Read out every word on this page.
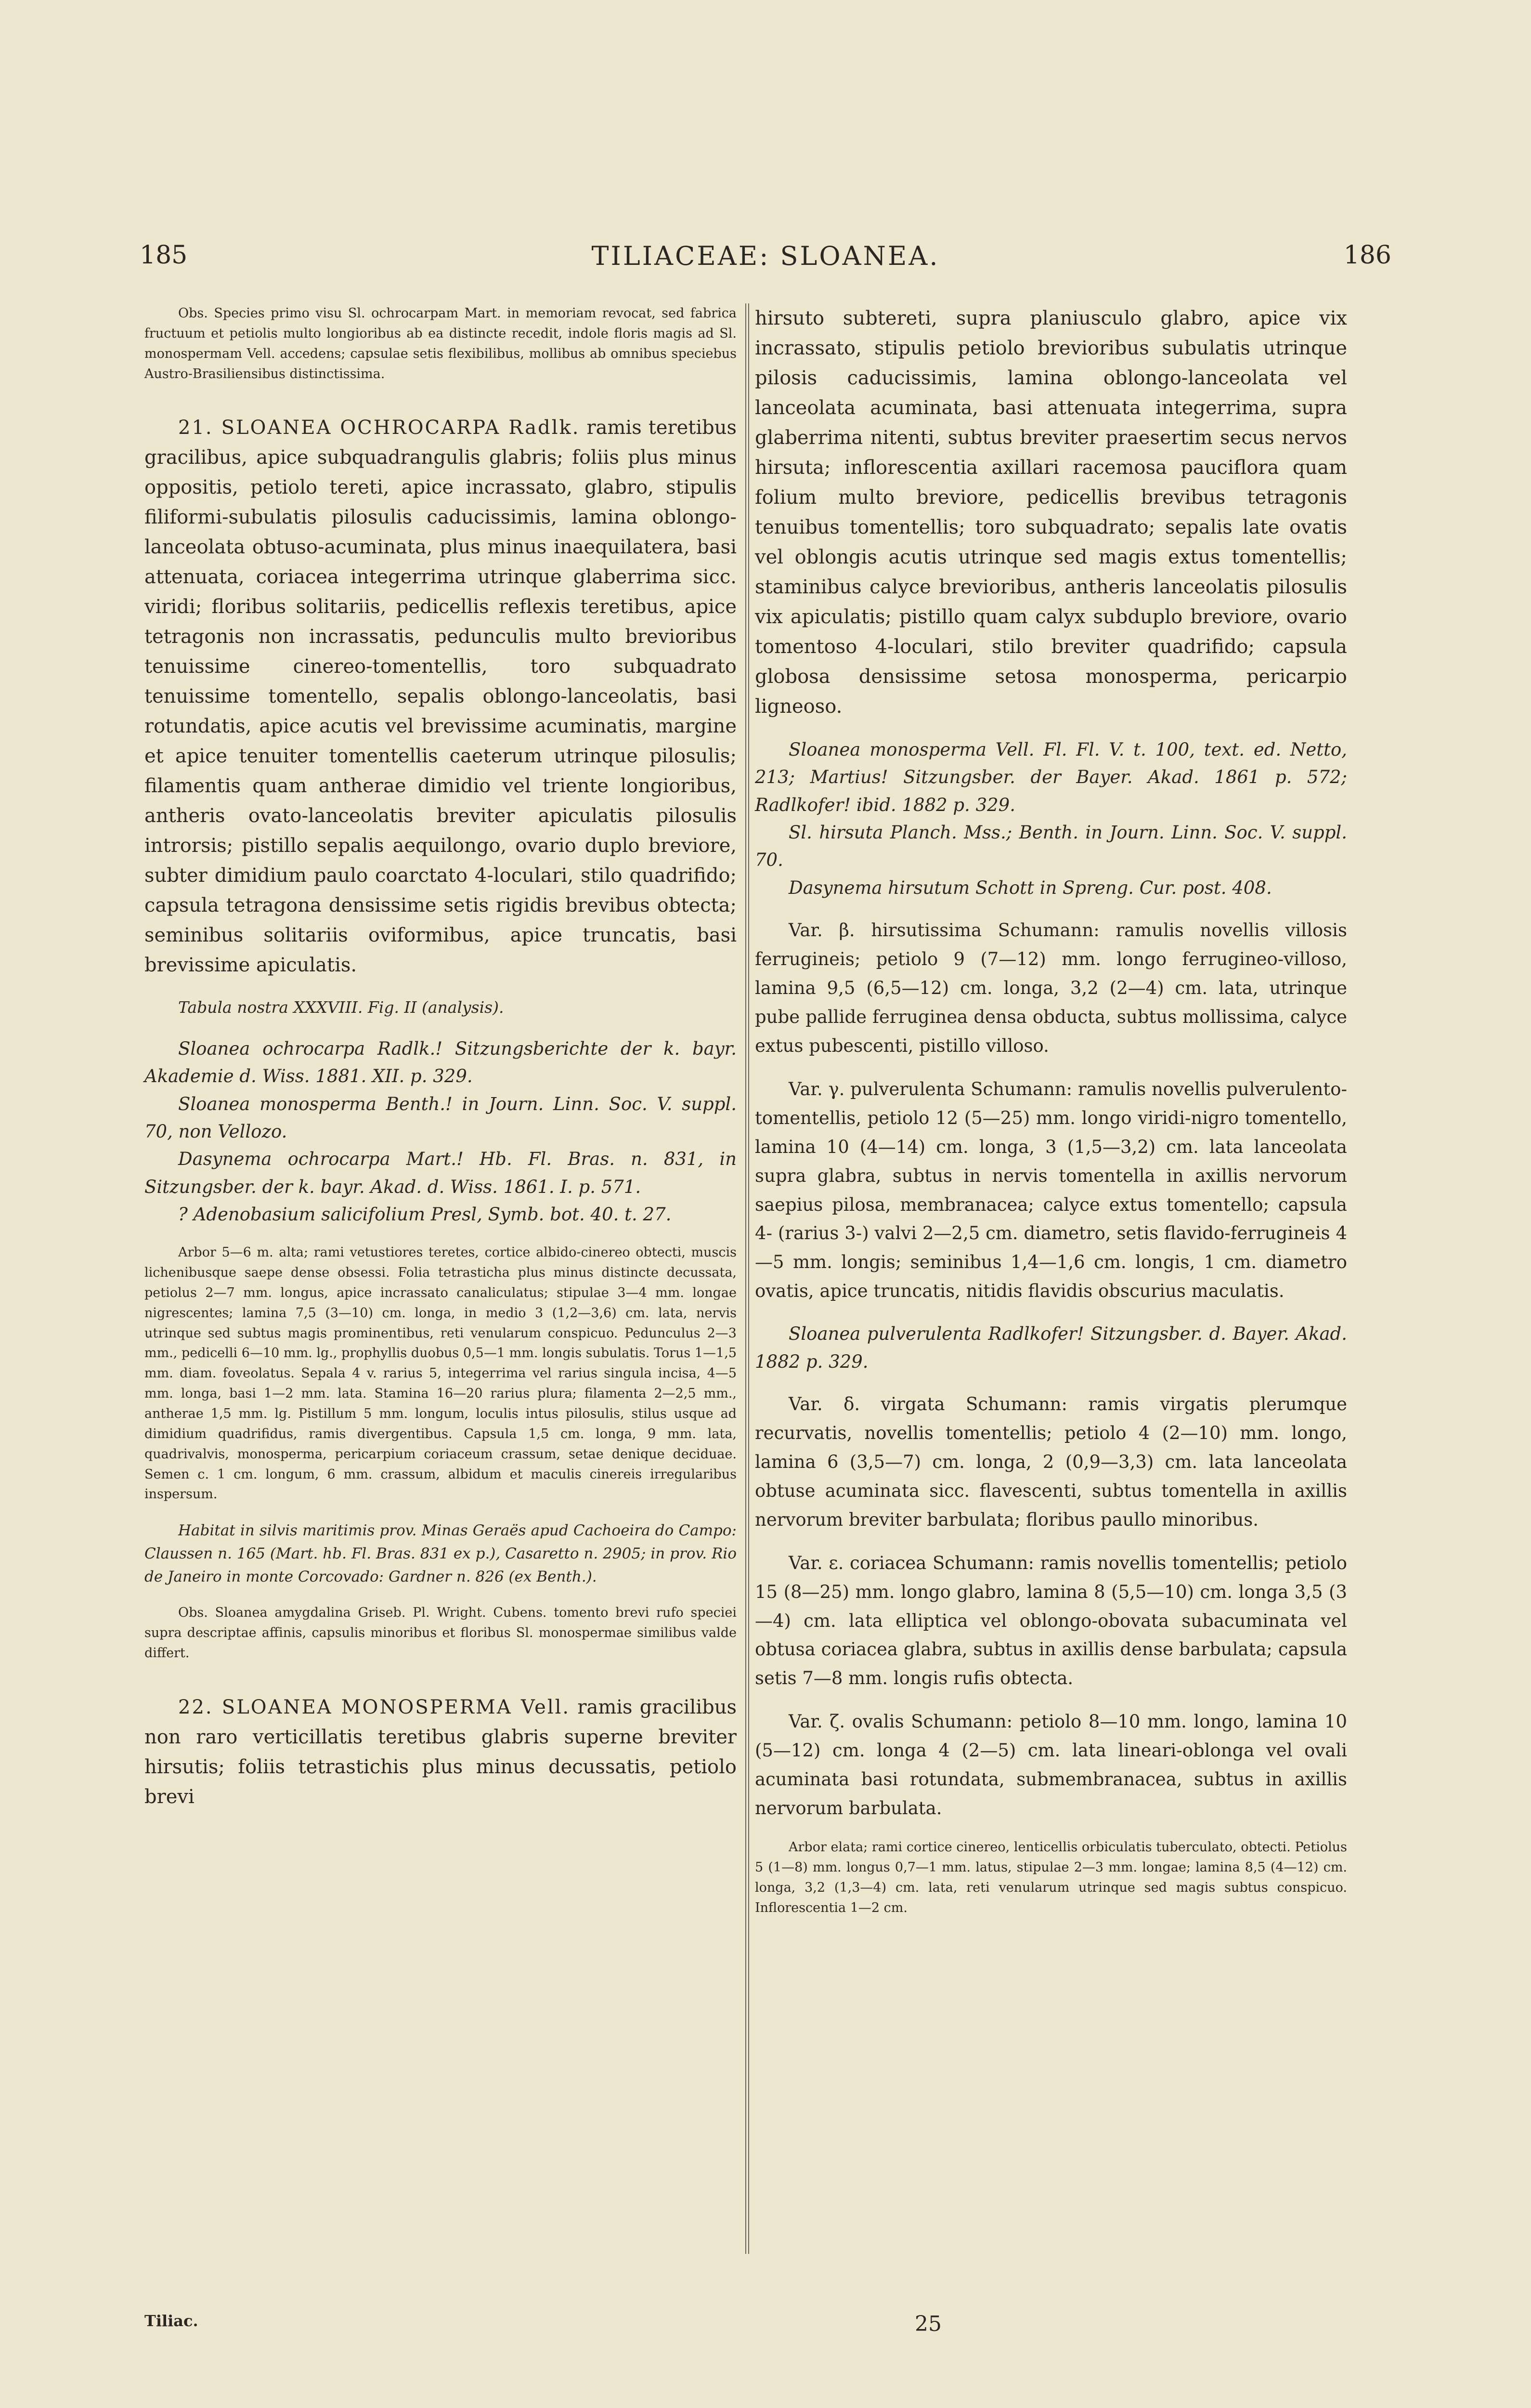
185	TILIACEAE: SLOANEA.	186

Obs. Species primo visu Sl. ochrocarpam Mart. in memoriam revocat, sed fabrica fructuum et petiolis multo longioribus ab ea distincte recedit, indole floris magis ad Sl. monospermam Vell. accedens; capsulae setis flexibilibus, mollibus ab omnibus speciebus Austro-Brasiliensibus distinctissima.

21. SLOANEA OCHROCARPA Radlk. ramis teretibus gracilibus, apice subquadrangulis glabris; foliis plus minus oppositis, petiolo tereti, apice incrassato, glabro, stipulis filiformi-subulatis pilosulis caducissimis, lamina oblongo-lanceolata obtuso-acuminata, plus minus inaequilatera, basi attenuata, coriacea integerrima utrinque glaberrima sicc. viridi; floribus solitariis, pedicellis reflexis teretibus, apice tetragonis non incrassatis, pedunculis multo brevioribus tenuissime cinereo-tomentellis, toro subquadrato tenuissime tomentello, sepalis oblongo-lanceolatis, basi rotundatis, apice acutis vel brevissime acuminatis, margine et apice tenuiter tomentellis caeterum utrinque pilosulis; filamentis quam antherae dimidio vel triente longioribus, antheris ovato-lanceolatis breviter apiculatis pilosulis introrsis; pistillo sepalis aequilongo, ovario duplo breviore, subter dimidium paulo coarctato 4-loculari, stilo quadrifido; capsula tetragona densissime setis rigidis brevibus obtecta; seminibus solitariis oviformibus, apice truncatis, basi brevissime apiculatis.

Tabula nostra XXXVIII. Fig. II (analysis).

Sloanea ochrocarpa Radlk.! Sitzungsberichte der k. bayr. Akademie d. Wiss. 1881. XII. p. 329.

Sloanea monosperma Benth.! in Journ. Linn. Soc. V. suppl. 70, non Vellozo.

Dasynema ochrocarpa Mart.! Hb. Fl. Bras. n. 831, in Sitzungsber. der k. bayr. Akad. d. Wiss. 1861. I. p. 571.

? Adenobasium salicifolium Presl, Symb. bot. 40. t. 27.

Arbor 5—6 m. alta; rami vetustiores teretes, cortice albido-cinereo obtecti, muscis lichenibusque saepe dense obsessi. Folia tetrasticha plus minus distincte decussata, petiolus 2—7 mm. longus, apice incrassato canaliculatus; stipulae 3—4 mm. longae nigrescentes; lamina 7,5 (3—10) cm. longa, in medio 3 (1,2—3,6) cm. lata, nervis utrinque sed subtus magis prominentibus, reti venularum conspicuo. Pedunculus 2—3 mm., pedicelli 6—10 mm. lg., prophyllis duobus 0,5—1 mm. longis subulatis. Torus 1—1,5 mm. diam. foveolatus. Sepala 4 v. rarius 5, integerrima vel rarius singula incisa, 4—5 mm. longa, basi 1—2 mm. lata. Stamina 16—20 rarius plura; filamenta 2—2,5 mm., antherae 1,5 mm. lg. Pistillum 5 mm. longum, loculis intus pilosulis, stilus usque ad dimidium quadrifidus, ramis divergentibus. Capsula 1,5 cm. longa, 9 mm. lata, quadrivalvis, monosperma, pericarpium coriaceum crassum, setae denique deciduae. Semen c. 1 cm. longum, 6 mm. crassum, albidum et maculis cinereis irregularibus inspersum.

Habitat in silvis maritimis prov. Minas Geraës apud Cachoeira do Campo: Claussen n. 165 (Mart. hb. Fl. Bras. 831 ex p.), Casaretto n. 2905; in prov. Rio de Janeiro in monte Corcovado: Gardner n. 826 (ex Benth.).

Obs. Sloanea amygdalina Griseb. Pl. Wright. Cubens. tomento brevi rufo speciei supra descriptae affinis, capsulis minoribus et floribus Sl. monospermae similibus valde differt.

22. SLOANEA MONOSPERMA Vell. ramis gracilibus non raro verticillatis teretibus glabris superne breviter hirsutis; foliis tetrastichis plus minus decussatis, petiolo brevi

hirsuto subtereti, supra planiusculo glabro, apice vix incrassato, stipulis petiolo brevioribus subulatis utrinque pilosis caducissimis, lamina oblongo-lanceolata vel lanceolata acuminata, basi attenuata integerrima, supra glaberrima nitenti, subtus breviter praesertim secus nervos hirsuta; inflorescentia axillari racemosa pauciflora quam folium multo breviore, pedicellis brevibus tetragonis tenuibus tomentellis; toro subquadrato; sepalis late ovatis vel oblongis acutis utrinque sed magis extus tomentellis; staminibus calyce brevioribus, antheris lanceolatis pilosulis vix apiculatis; pistillo quam calyx subduplo breviore, ovario tomentoso 4-loculari, stilo breviter quadrifido; capsula globosa densissime setosa monosperma, pericarpio ligneoso.

Sloanea monosperma Vell. Fl. Fl. V. t. 100, text. ed. Netto, 213; Martius! Sitzungsber. der Bayer. Akad. 1861 p. 572; Radlkofer! ibid. 1882 p. 329.

Sl. hirsuta Planch. Mss.; Benth. in Journ. Linn. Soc. V. suppl. 70.

Dasynema hirsutum Schott in Spreng. Cur. post. 408.

Var. β. hirsutissima Schumann: ramulis novellis villosis ferrugineis; petiolo 9 (7—12) mm. longo ferrugineo-villoso, lamina 9,5 (6,5—12) cm. longa, 3,2 (2—4) cm. lata, utrinque pube pallide ferruginea densa obducta, subtus mollissima, calyce extus pubescenti, pistillo villoso.

Var. γ. pulverulenta Schumann: ramulis novellis pulverulento-tomentellis, petiolo 12 (5—25) mm. longo viridi-nigro tomentello, lamina 10 (4—14) cm. longa, 3 (1,5—3,2) cm. lata lanceolata supra glabra, subtus in nervis tomentella in axillis nervorum saepius pilosa, membranacea; calyce extus tomentello; capsula 4- (rarius 3-) valvi 2—2,5 cm. diametro, setis flavido-ferrugineis 4—5 mm. longis; seminibus 1,4—1,6 cm. longis, 1 cm. diametro ovatis, apice truncatis, nitidis flavidis obscurius maculatis.

Sloanea pulverulenta Radlkofer! Sitzungsber. d. Bayer. Akad. 1882 p. 329.

Var. δ. virgata Schumann: ramis virgatis plerumque recurvatis, novellis tomentellis; petiolo 4 (2—10) mm. longo, lamina 6 (3,5—7) cm. longa, 2 (0,9—3,3) cm. lata lanceolata obtuse acuminata sicc. flavescenti, subtus tomentella in axillis nervorum breviter barbulata; floribus paullo minoribus.

Var. ε. coriacea Schumann: ramis novellis tomentellis; petiolo 15 (8—25) mm. longo glabro, lamina 8 (5,5—10) cm. longa 3,5 (3—4) cm. lata elliptica vel oblongo-obovata subacuminata vel obtusa coriacea glabra, subtus in axillis dense barbulata; capsula setis 7—8 mm. longis rufis obtecta.

Var. ζ. ovalis Schumann: petiolo 8—10 mm. longo, lamina 10 (5—12) cm. longa 4 (2—5) cm. lata lineari-oblonga vel ovali acuminata basi rotundata, submembranacea, subtus in axillis nervorum barbulata.

Arbor elata; rami cortice cinereo, lenticellis orbiculatis tuberculato, obtecti. Petiolus 5 (1—8) mm. longus 0,7—1 mm. latus, stipulae 2—3 mm. longae; lamina 8,5 (4—12) cm. longa, 3,2 (1,3—4) cm. lata, reti venularum utrinque sed magis subtus conspicuo. Inflorescentia 1—2 cm.

Tiliac.	25
